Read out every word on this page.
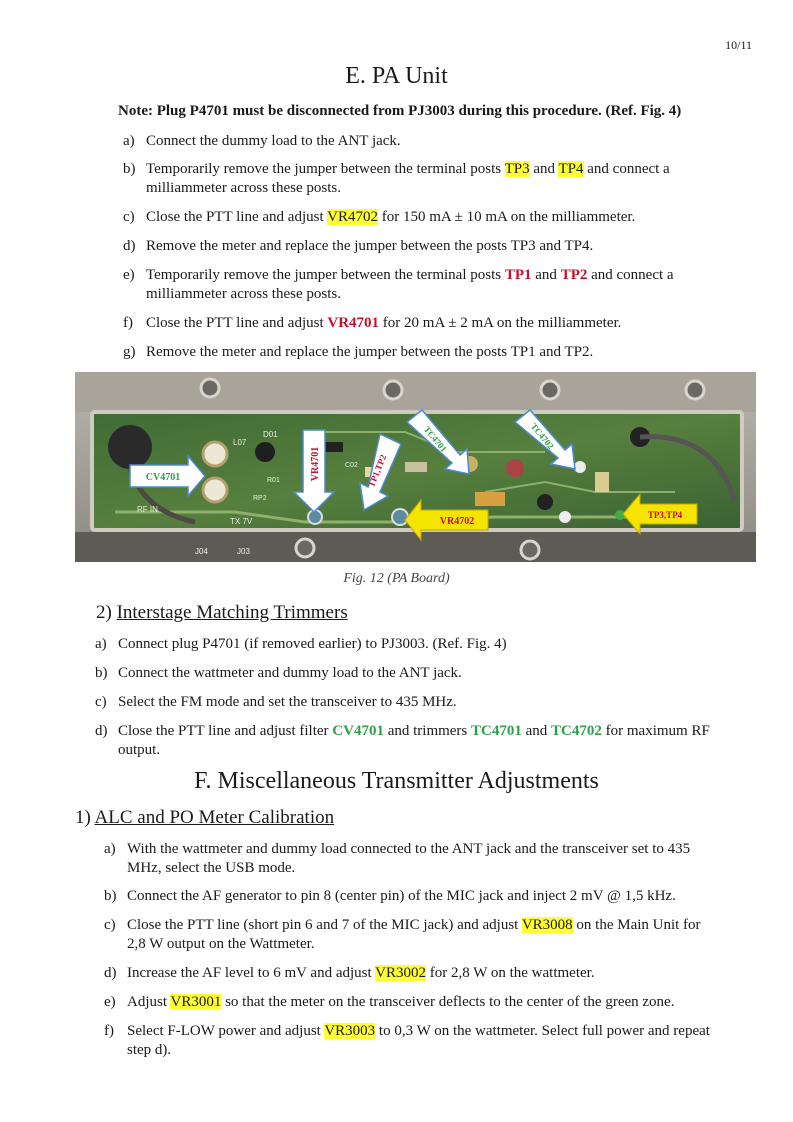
10/11
E. PA Unit
Note: Plug P4701 must be disconnected from PJ3003 during this procedure. (Ref. Fig. 4)
a) Connect the dummy load to the ANT jack.
b) Temporarily remove the jumper between the terminal posts TP3 and TP4 and connect a
milliammeter across these posts.
c) Close the PTT line and adjust VR4702 for 150 mA ± 10 mA on the milliammeter.
d) Remove the meter and replace the jumper between the posts TP3 and TP4.
e) Temporarily remove the jumper between the terminal posts TP1 and TP2 and connect a
milliammeter across these posts.
f) Close the PTT line and adjust VR4701 for 20 mA ± 2 mA on the milliammeter.
g) Remove the meter and replace the jumper between the posts TP1 and TP2.
L07
D01
R01
RP2
C02
RF IN
TX 7V
J04	J03
CV4701	VR4701	TP1,TP2
TC4701	TC4702
VR4702
TP3,TP4
Fig. 12 (PA Board)
2) Interstage Matching Trimmers
a) Connect plug P4701 (if removed earlier) to PJ3003. (Ref. Fig. 4)
b) Connect the wattmeter and dummy load to the ANT jack.
c) Select the FM mode and set the transceiver to 435 MHz.
d) Close the PTT line and adjust filter CV4701 and trimmers TC4701 and TC4702 for maximum RF
output.
F. Miscellaneous Transmitter Adjustments
1) ALC and PO Meter Calibration
a) With the wattmeter and dummy load connected to the ANT jack and the transceiver set to 435
MHz, select the USB mode.
b) Connect the AF generator to pin 8 (center pin) of the MIC jack and inject 2 mV @ 1,5 kHz.
c) Close the PTT line (short pin 6 and 7 of the MIC jack) and adjust VR3008 on the Main Unit for
2,8 W output on the Wattmeter.
d) Increase the AF level to 6 mV and adjust VR3002 for 2,8 W on the wattmeter.
e) Adjust VR3001 so that the meter on the transceiver deflects to the center of the green zone.
f) Select F-LOW power and adjust VR3003 to 0,3 W on the wattmeter. Select full power and repeat
step d).
